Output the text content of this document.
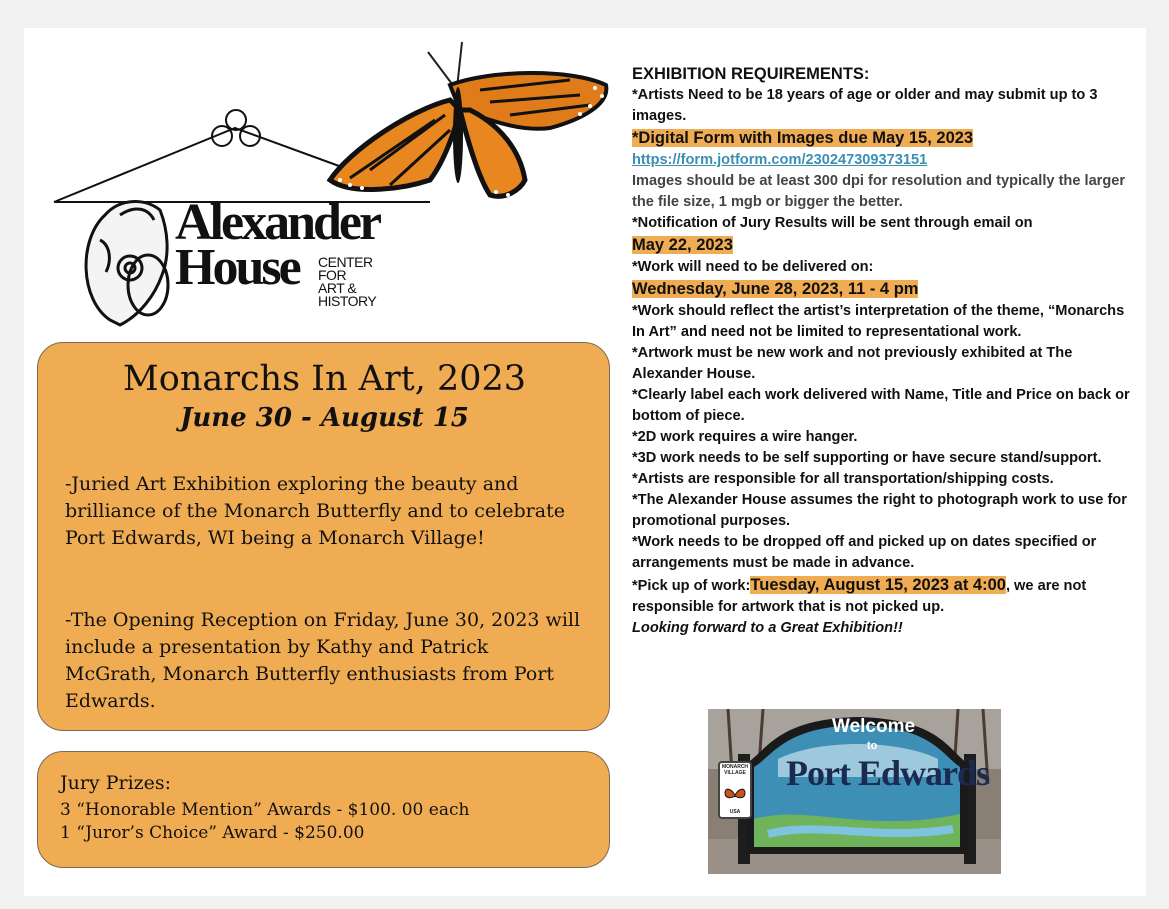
Alexander
House	CENTER
FOR
ART &
HISTORY
Monarchs In Art, 2023
June 30 - August 15
-Juried Art Exhibition exploring the beauty and brilliance of the Monarch Butterfly and to celebrate Port Edwards, WI being a Monarch Village!
-The Opening Reception on Friday, June 30, 2023 will include a presentation by Kathy and Patrick McGrath, Monarch Butterfly enthusiasts from Port Edwards.
Jury Prizes:
3 “Honorable Mention” Awards - $100. 00 each
1 “Juror’s Choice” Award - $250.00
EXHIBITION REQUIREMENTS:
*Artists Need to be 18 years of age or older and may submit up to 3 images.
*Digital Form with Images due May 15, 2023
https://form.jotform.com/230247309373151
Images should be at least 300 dpi for resolution and typically the larger the file size, 1 mgb or bigger the better.
*Notification of Jury Results will be sent through email on
May 22, 2023
*Work will need to be delivered on:
Wednesday, June 28, 2023, 11 - 4 pm
*Work should reflect the artist’s interpretation of the theme, “Monarchs In Art” and need not be limited to representational work.
*Artwork must be new work and not previously exhibited at The Alexander House.
*Clearly label each work delivered with Name, Title and Price on back or bottom of piece.
*2D work requires a wire hanger.
*3D work needs to be self supporting or have secure stand/support.
*Artists are responsible for all transportation/shipping costs.
*The Alexander House assumes the right to photograph work to use for promotional purposes.
*Work needs to be dropped off and picked up on dates specified or arrangements must be made in advance.
*Pick up of work:Tuesday, August 15, 2023 at 4:00, we are not responsible for artwork that is not picked up.
Looking forward to a Great Exhibition!!
Welcome
to
Port Edwards
MONARCH VILLAGE
USA
